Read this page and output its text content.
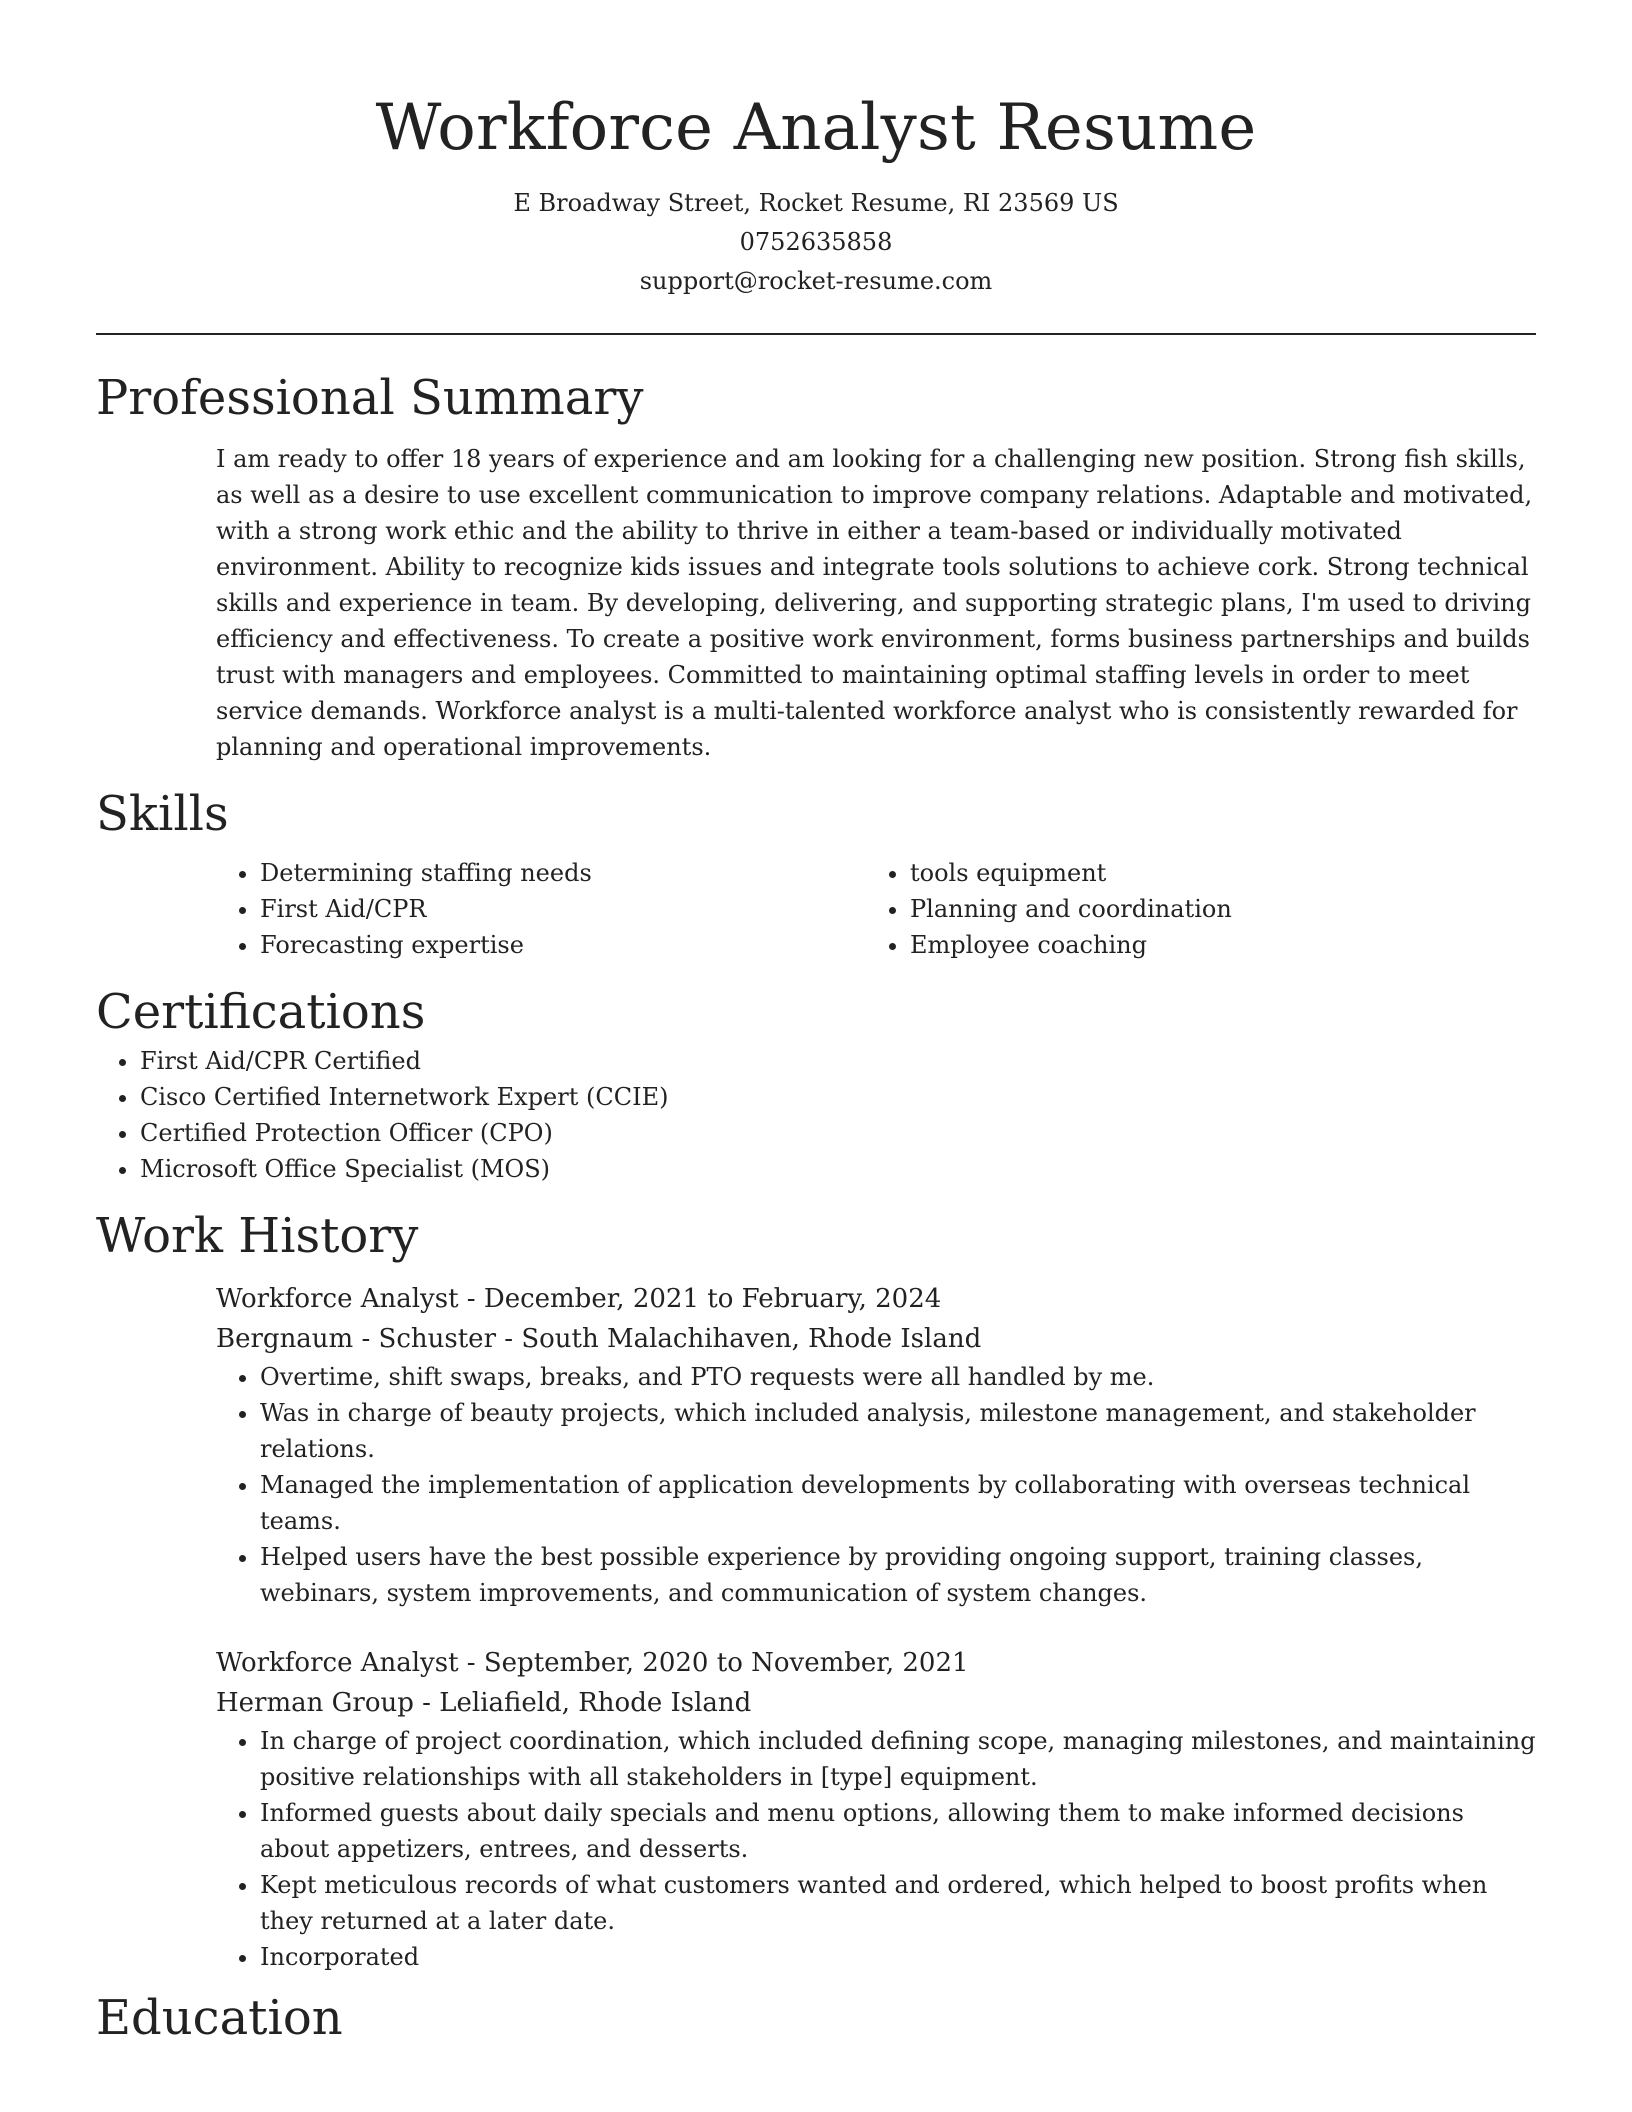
Workforce Analyst Resume
E Broadway Street, Rocket Resume, RI 23569 US
0752635858
support@rocket-resume.com
Professional Summary

I am ready to offer 18 years of experience and am looking for a challenging new position. Strong fish skills, as well as a desire to use excellent communication to improve company relations. Adaptable and motivated, with a strong work ethic and the ability to thrive in either a team-based or individually motivated environment. Ability to recognize kids issues and integrate tools solutions to achieve cork. Strong technical skills and experience in team. By developing, delivering, and supporting strategic plans, I'm used to driving efficiency and effectiveness. To create a positive work environment, forms business partnerships and builds trust with managers and employees. Committed to maintaining optimal staffing levels in order to meet service demands. Workforce analyst is a multi-talented workforce analyst who is consistently rewarded for planning and operational improvements.

Skills
• Determining staffing needs
• First Aid/CPR
• Forecasting expertise
• tools equipment
• Planning and coordination
• Employee coaching
Certifications
• First Aid/CPR Certified
• Cisco Certified Internetwork Expert (CCIE)
• Certified Protection Officer (CPO)
• Microsoft Office Specialist (MOS)
Work History
Workforce Analyst - December, 2021 to February, 2024
Bergnaum - Schuster - South Malachihaven, Rhode Island
• Overtime, shift swaps, breaks, and PTO requests were all handled by me.
• Was in charge of beauty projects, which included analysis, milestone management, and stakeholder relations.
• Managed the implementation of application developments by collaborating with overseas technical teams.
• Helped users have the best possible experience by providing ongoing support, training classes, webinars, system improvements, and communication of system changes.
Workforce Analyst - September, 2020 to November, 2021
Herman Group - Leliafield, Rhode Island
• In charge of project coordination, which included defining scope, managing milestones, and maintaining positive relationships with all stakeholders in [type] equipment.
• Informed guests about daily specials and menu options, allowing them to make informed decisions about appetizers, entrees, and desserts.
• Kept meticulous records of what customers wanted and ordered, which helped to boost profits when they returned at a later date.
• Incorporated
Education
